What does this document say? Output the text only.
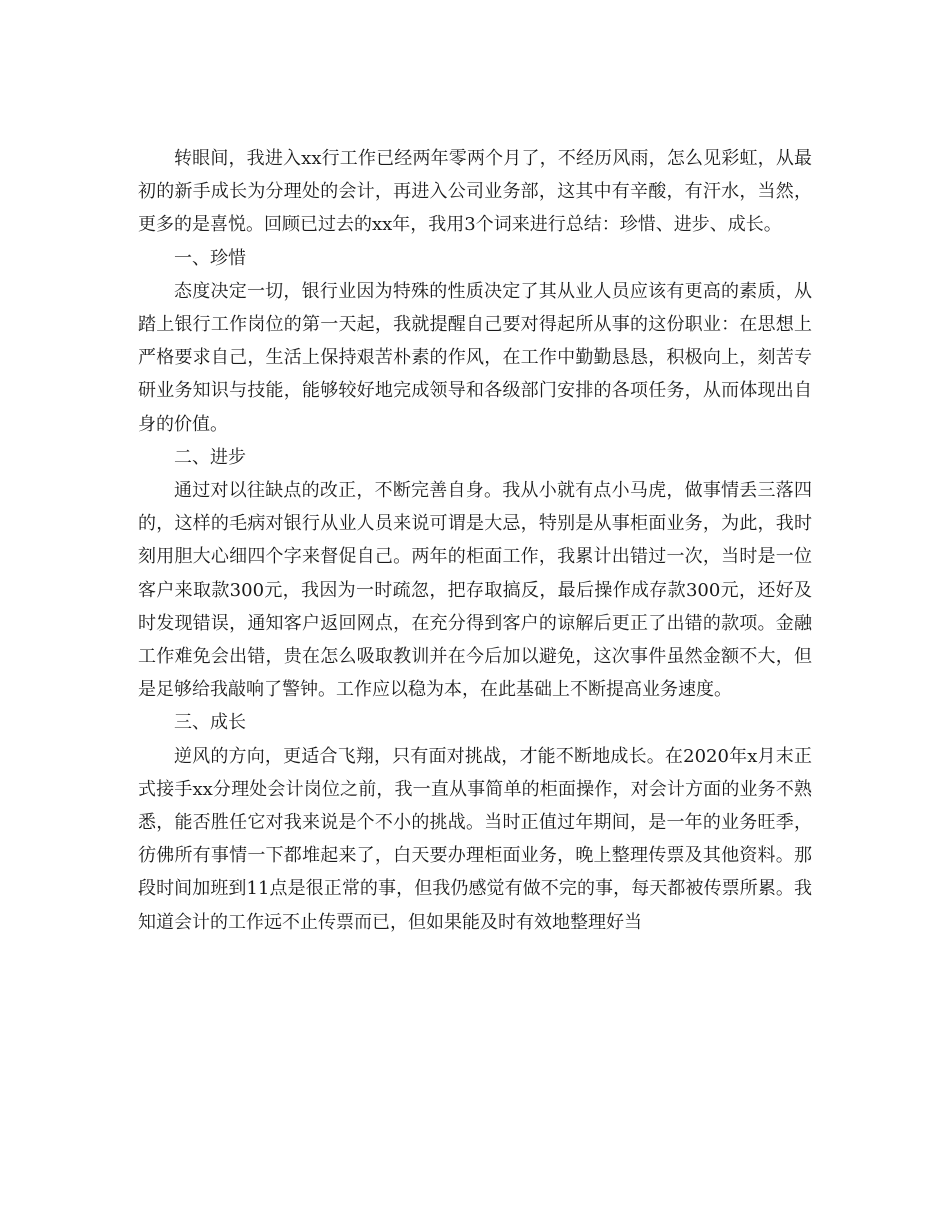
转眼间，我进入xx行工作已经两年零两个月了，不经历风雨，怎么见彩虹，从最初的新手成长为分理处的会计，再进入公司业务部，这其中有辛酸，有汗水，当然，更多的是喜悦。回顾已过去的xx年，我用3个词来进行总结：珍惜、进步、成长。

一、珍惜

态度决定一切，银行业因为特殊的性质决定了其从业人员应该有更高的素质，从踏上银行工作岗位的第一天起，我就提醒自己要对得起所从事的这份职业：在思想上严格要求自己，生活上保持艰苦朴素的作风，在工作中勤勤恳恳，积极向上，刻苦专研业务知识与技能，能够较好地完成领导和各级部门安排的各项任务，从而体现出自身的价值。

二、进步

通过对以往缺点的改正，不断完善自身。我从小就有点小马虎，做事情丢三落四的，这样的毛病对银行从业人员来说可谓是大忌，特别是从事柜面业务，为此，我时刻用胆大心细四个字来督促自己。两年的柜面工作，我累计出错过一次，当时是一位客户来取款300元，我因为一时疏忽，把存取搞反，最后操作成存款300元，还好及时发现错误，通知客户返回网点，在充分得到客户的谅解后更正了出错的款项。金融工作难免会出错，贵在怎么吸取教训并在今后加以避免，这次事件虽然金额不大，但是足够给我敲响了警钟。工作应以稳为本，在此基础上不断提高业务速度。

三、成长

逆风的方向，更适合飞翔，只有面对挑战，才能不断地成长。在2020年x月末正式接手xx分理处会计岗位之前，我一直从事简单的柜面操作，对会计方面的业务不熟悉，能否胜任它对我来说是个不小的挑战。当时正值过年期间，是一年的业务旺季，彷佛所有事情一下都堆起来了，白天要办理柜面业务，晚上整理传票及其他资料。那段时间加班到11点是很正常的事，但我仍感觉有做不完的事，每天都被传票所累。我知道会计的工作远不止传票而已，但如果能及时有效地整理好当
